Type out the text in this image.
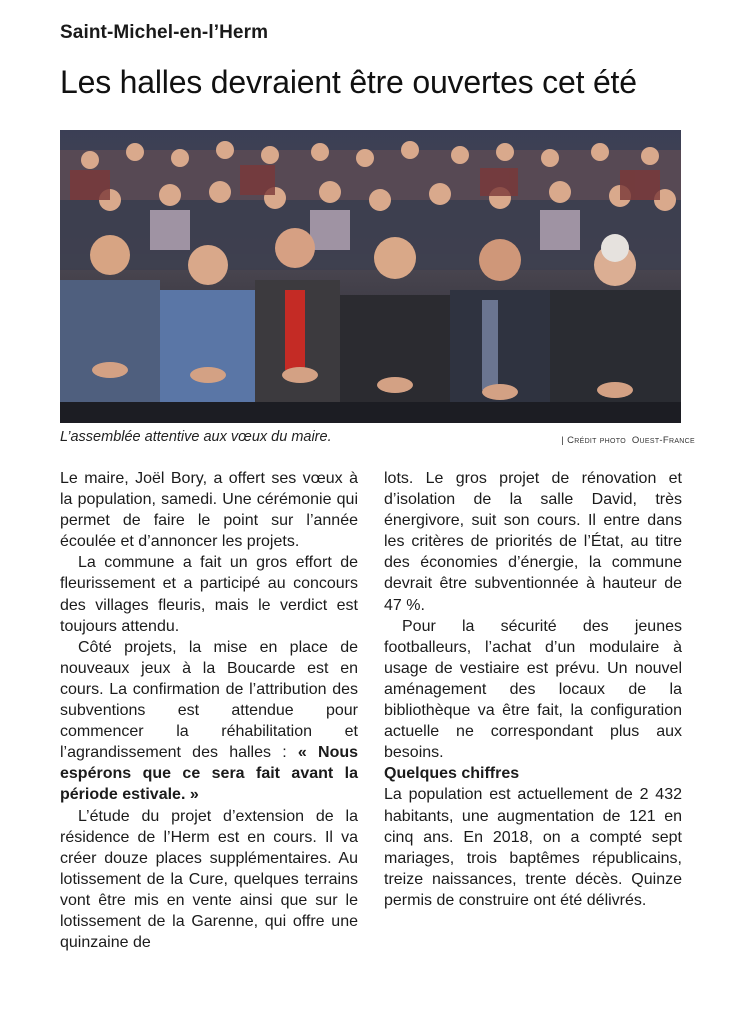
Saint-Michel-en-l’Herm
Les halles devraient être ouvertes cet été
L’assemblée attentive aux vœux du maire.	| Crédit photo Ouest-France

Le maire, Joël Bory, a offert ses vœux à la population, samedi. Une cérémonie qui permet de faire le point sur l’année écoulée et d’annoncer les projets.

La commune a fait un gros effort de fleurissement et a participé au concours des villages fleuris, mais le verdict est toujours attendu.

Côté projets, la mise en place de nouveaux jeux à la Boucarde est en cours. La confirmation de l’attribution des subventions est attendue pour commencer la réhabilitation et l’agrandissement des halles : « Nous espérons que ce sera fait avant la période estivale. »

L’étude du projet d’extension de la résidence de l’Herm est en cours. Il va créer douze places supplémentaires. Au lotissement de la Cure, quelques terrains vont être mis en vente ainsi que sur le lotissement de la Garenne, qui offre une quinzaine de

lots. Le gros projet de rénovation et d’isolation de la salle David, très énergivore, suit son cours. Il entre dans les critères de priorités de l’État, au titre des économies d’énergie, la commune devrait être subventionnée à hauteur de 47 %.

Pour la sécurité des jeunes footballeurs, l’achat d’un modulaire à usage de vestiaire est prévu. Un nouvel aménagement des locaux de la bibliothèque va être fait, la configuration actuelle ne correspondant plus aux besoins.

Quelques chiffres

La population est actuellement de 2 432 habitants, une augmentation de 121 en cinq ans. En 2018, on a compté sept mariages, trois baptêmes républicains, treize naissances, trente décès. Quinze permis de construire ont été délivrés.
